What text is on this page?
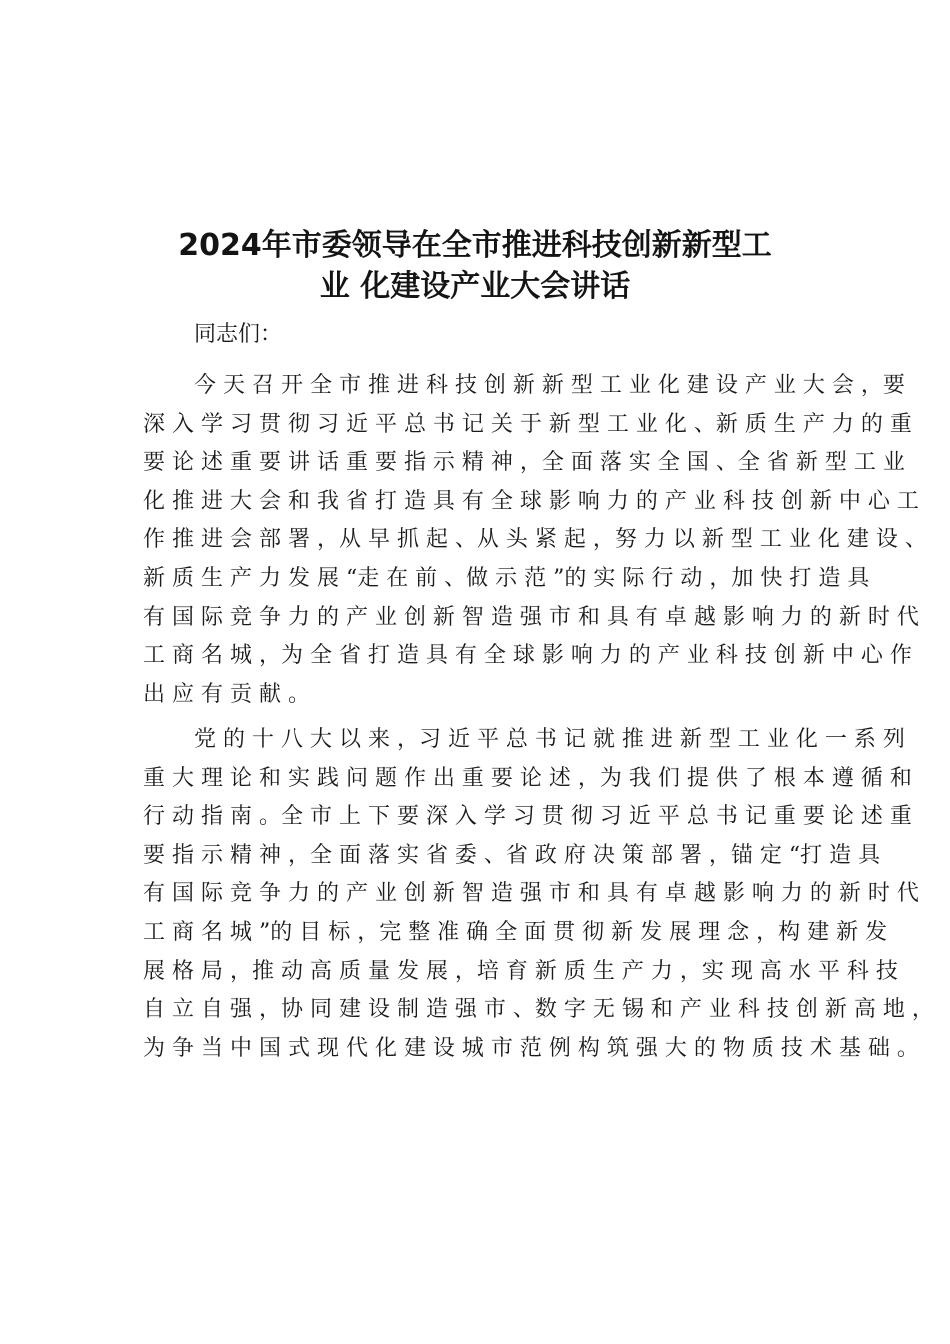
2024年市委领导在全市推进科技创新新型工
业 化建设产业大会讲话
同志们：
今 天 召 开 全 市 推 进 科 技 创 新 新 型 工 业 化 建 设 产 业 大 会 ，要
深 入 学 习 贯 彻 习 近 平 总 书 记 关 于 新 型 工 业 化 、新 质 生 产 力 的 重
要 论 述 重 要 讲 话 重 要 指 示 精 神 ，全 面 落 实 全 国 、全 省 新 型 工 业
化 推 进 大 会 和 我 省 打 造 具 有 全 球 影 响 力 的 产 业 科 技 创 新 中 心 工
作 推 进 会 部 署 ，从 早 抓 起 、从 头 紧 起 ，努 力 以 新 型 工 业 化 建 设 、
新 质 生 产 力 发 展 “走 在 前 、做 示 范 ”的 实 际 行 动 ，加 快 打 造 具
有 国 际 竞 争 力 的 产 业 创 新 智 造 强 市 和 具 有 卓 越 影 响 力 的 新 时 代
工 商 名 城 ，为 全 省 打 造 具 有 全 球 影 响 力 的 产 业 科 技 创 新 中 心 作
出 应 有 贡 献 。
党 的 十 八 大 以 来 ，习 近 平 总 书 记 就 推 进 新 型 工 业 化 一 系 列
重 大 理 论 和 实 践 问 题 作 出 重 要 论 述 ，为 我 们 提 供 了 根 本 遵 循 和
行 动 指 南 。全 市 上 下 要 深 入 学 习 贯 彻 习 近 平 总 书 记 重 要 论 述 重
要 指 示 精 神 ，全 面 落 实 省 委 、省 政 府 决 策 部 署 ，锚 定 “打 造 具
有 国 际 竞 争 力 的 产 业 创 新 智 造 强 市 和 具 有 卓 越 影 响 力 的 新 时 代
工 商 名 城 ”的 目 标 ，完 整 准 确 全 面 贯 彻 新 发 展 理 念 ，构 建 新 发
展 格 局 ，推 动 高 质 量 发 展 ，培 育 新 质 生 产 力 ，实 现 高 水 平 科 技
自 立 自 强 ，协 同 建 设 制 造 强 市 、数 字 无 锡 和 产 业 科 技 创 新 高 地 ，
为 争 当 中 国 式 现 代 化 建 设 城 市 范 例 构 筑 强 大 的 物 质 技 术 基 础 。
